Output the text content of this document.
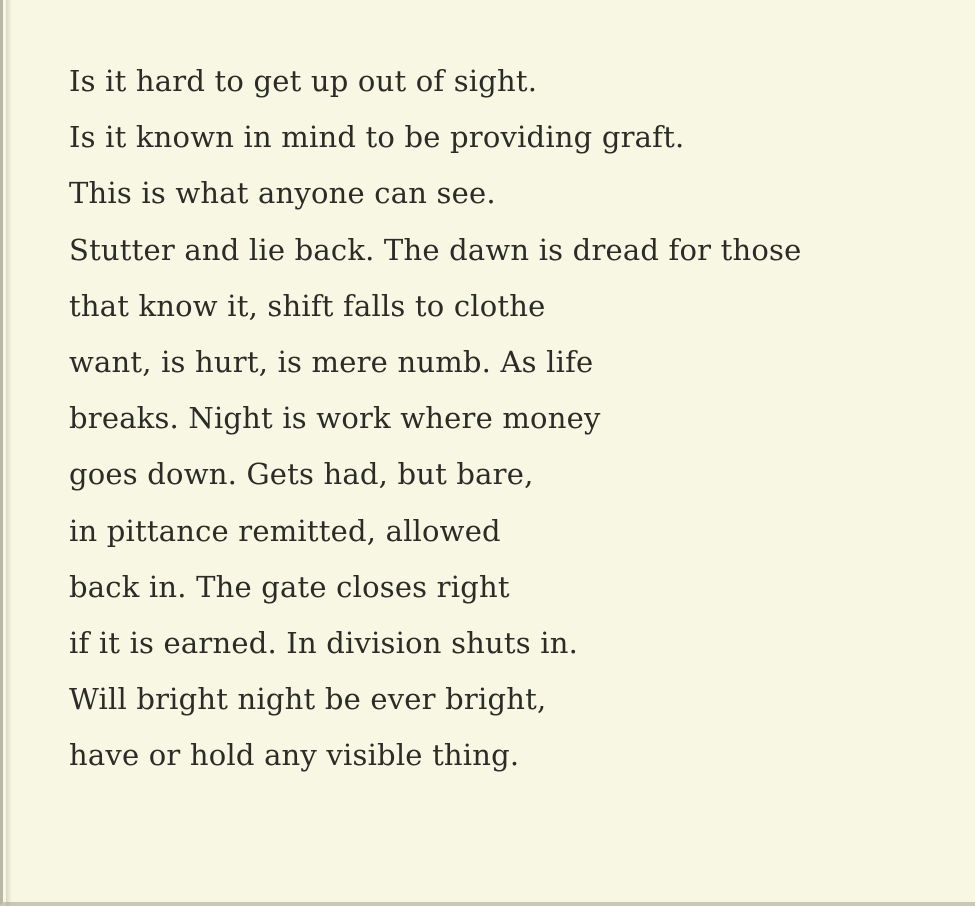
Is it hard to get up out of sight.
Is it known in mind to be providing graft.
This is what anyone can see.
Stutter and lie back. The dawn is dread for those
that know it, shift falls to clothe
want, is hurt, is mere numb. As life
breaks. Night is work where money
goes down. Gets had, but bare,
in pittance remitted, allowed
back in. The gate closes right
if it is earned. In division shuts in.
Will bright night be ever bright,
have or hold any visible thing.
